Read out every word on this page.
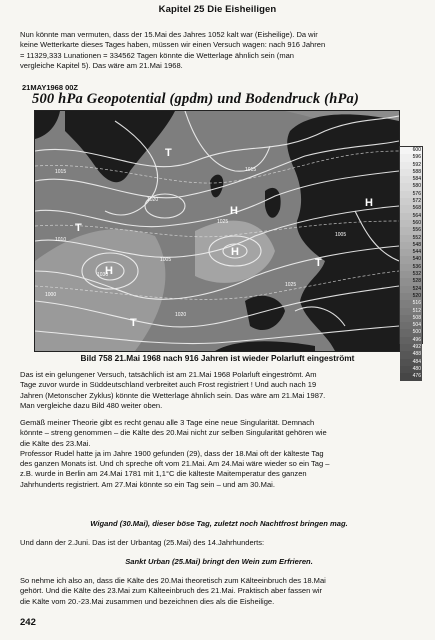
Kapitel 25 Die Eisheiligen
Nun könnte man vermuten, dass der 15.Mai des Jahres 1052 kalt war (Eisheilige). Da wir
keine Wetterkarte dieses Tages haben, müssen wir einen Versuch wagen: nach 916 Jahren
= 11329,333 Lunationen = 334562 Tagen könnte die Wetterlage ähnlich sein (man
vergleiche Kapitel 5). Das wäre am 21.Mai 1968.
21MAY1968 00Z
500 hPa Geopotential (gpdm) und Bodendruck (hPa)
1015
1020
1025
1030
1010
1005
1000
1020
1025
1015
1005
H
H
H
T
T
T
T
H
600
596
592
588
584
580
576
572
568
564
560
556
552
548
544
540
536
532
528
524
520
516
512
508
504
500
496
492
488
484
480
476
Bild 758 21.Mai 1968 nach 916 Jahren ist wieder Polarluft eingeströmt
Das ist ein gelungener Versuch, tatsächlich ist am 21.Mai 1968 Polarluft eingeströmt. Am
Tage zuvor wurde in Süddeutschland verbreitet auch Frost registriert ! Und auch nach 19
Jahren (Metonscher Zyklus) könnte die Wetterlage ähnlich sein. Das wäre am 21.Mai 1987.
Man vergleiche dazu Bild 480 weiter oben.
Gemäß meiner Theorie gibt es recht genau alle 3 Tage eine neue Singularität. Demnach
könnte – streng genommen – die Kälte des 20.Mai nicht zur selben Singularität gehören wie
die Kälte des 23.Mai.
Professor Rudel hatte ja im Jahre 1900 gefunden (29), dass der 18.Mai oft der kälteste Tag
des ganzen Monats ist. Und ch spreche oft vom 21.Mai. Am 24.Mai wäre wieder so ein Tag –
z.B. wurde in Berlin am 24.Mai 1781 mit 1,1°C die kälteste Maitemperatur des ganzen
Jahrhunderts registriert. Am 27.Mai könnte so ein Tag sein – und am 30.Mai.
Wigand (30.Mai), dieser böse Tag, zuletzt noch Nachtfrost bringen mag.
Und dann der 2.Juni. Das ist der Urbantag (25.Mai) des 14.Jahrhunderts:
Sankt Urban (25.Mai) bringt den Wein zum Erfrieren.
So nehme ich also an, dass die Kälte des 20.Mai theoretisch zum Kälteeinbruch des 18.Mai
gehört. Und die Kälte des 23.Mai zum Kälteeinbruch des 21.Mai. Praktisch aber fassen wir
die Kälte vom 20.-23.Mai zusammen und bezeichnen dies als die Eisheilige.
242
